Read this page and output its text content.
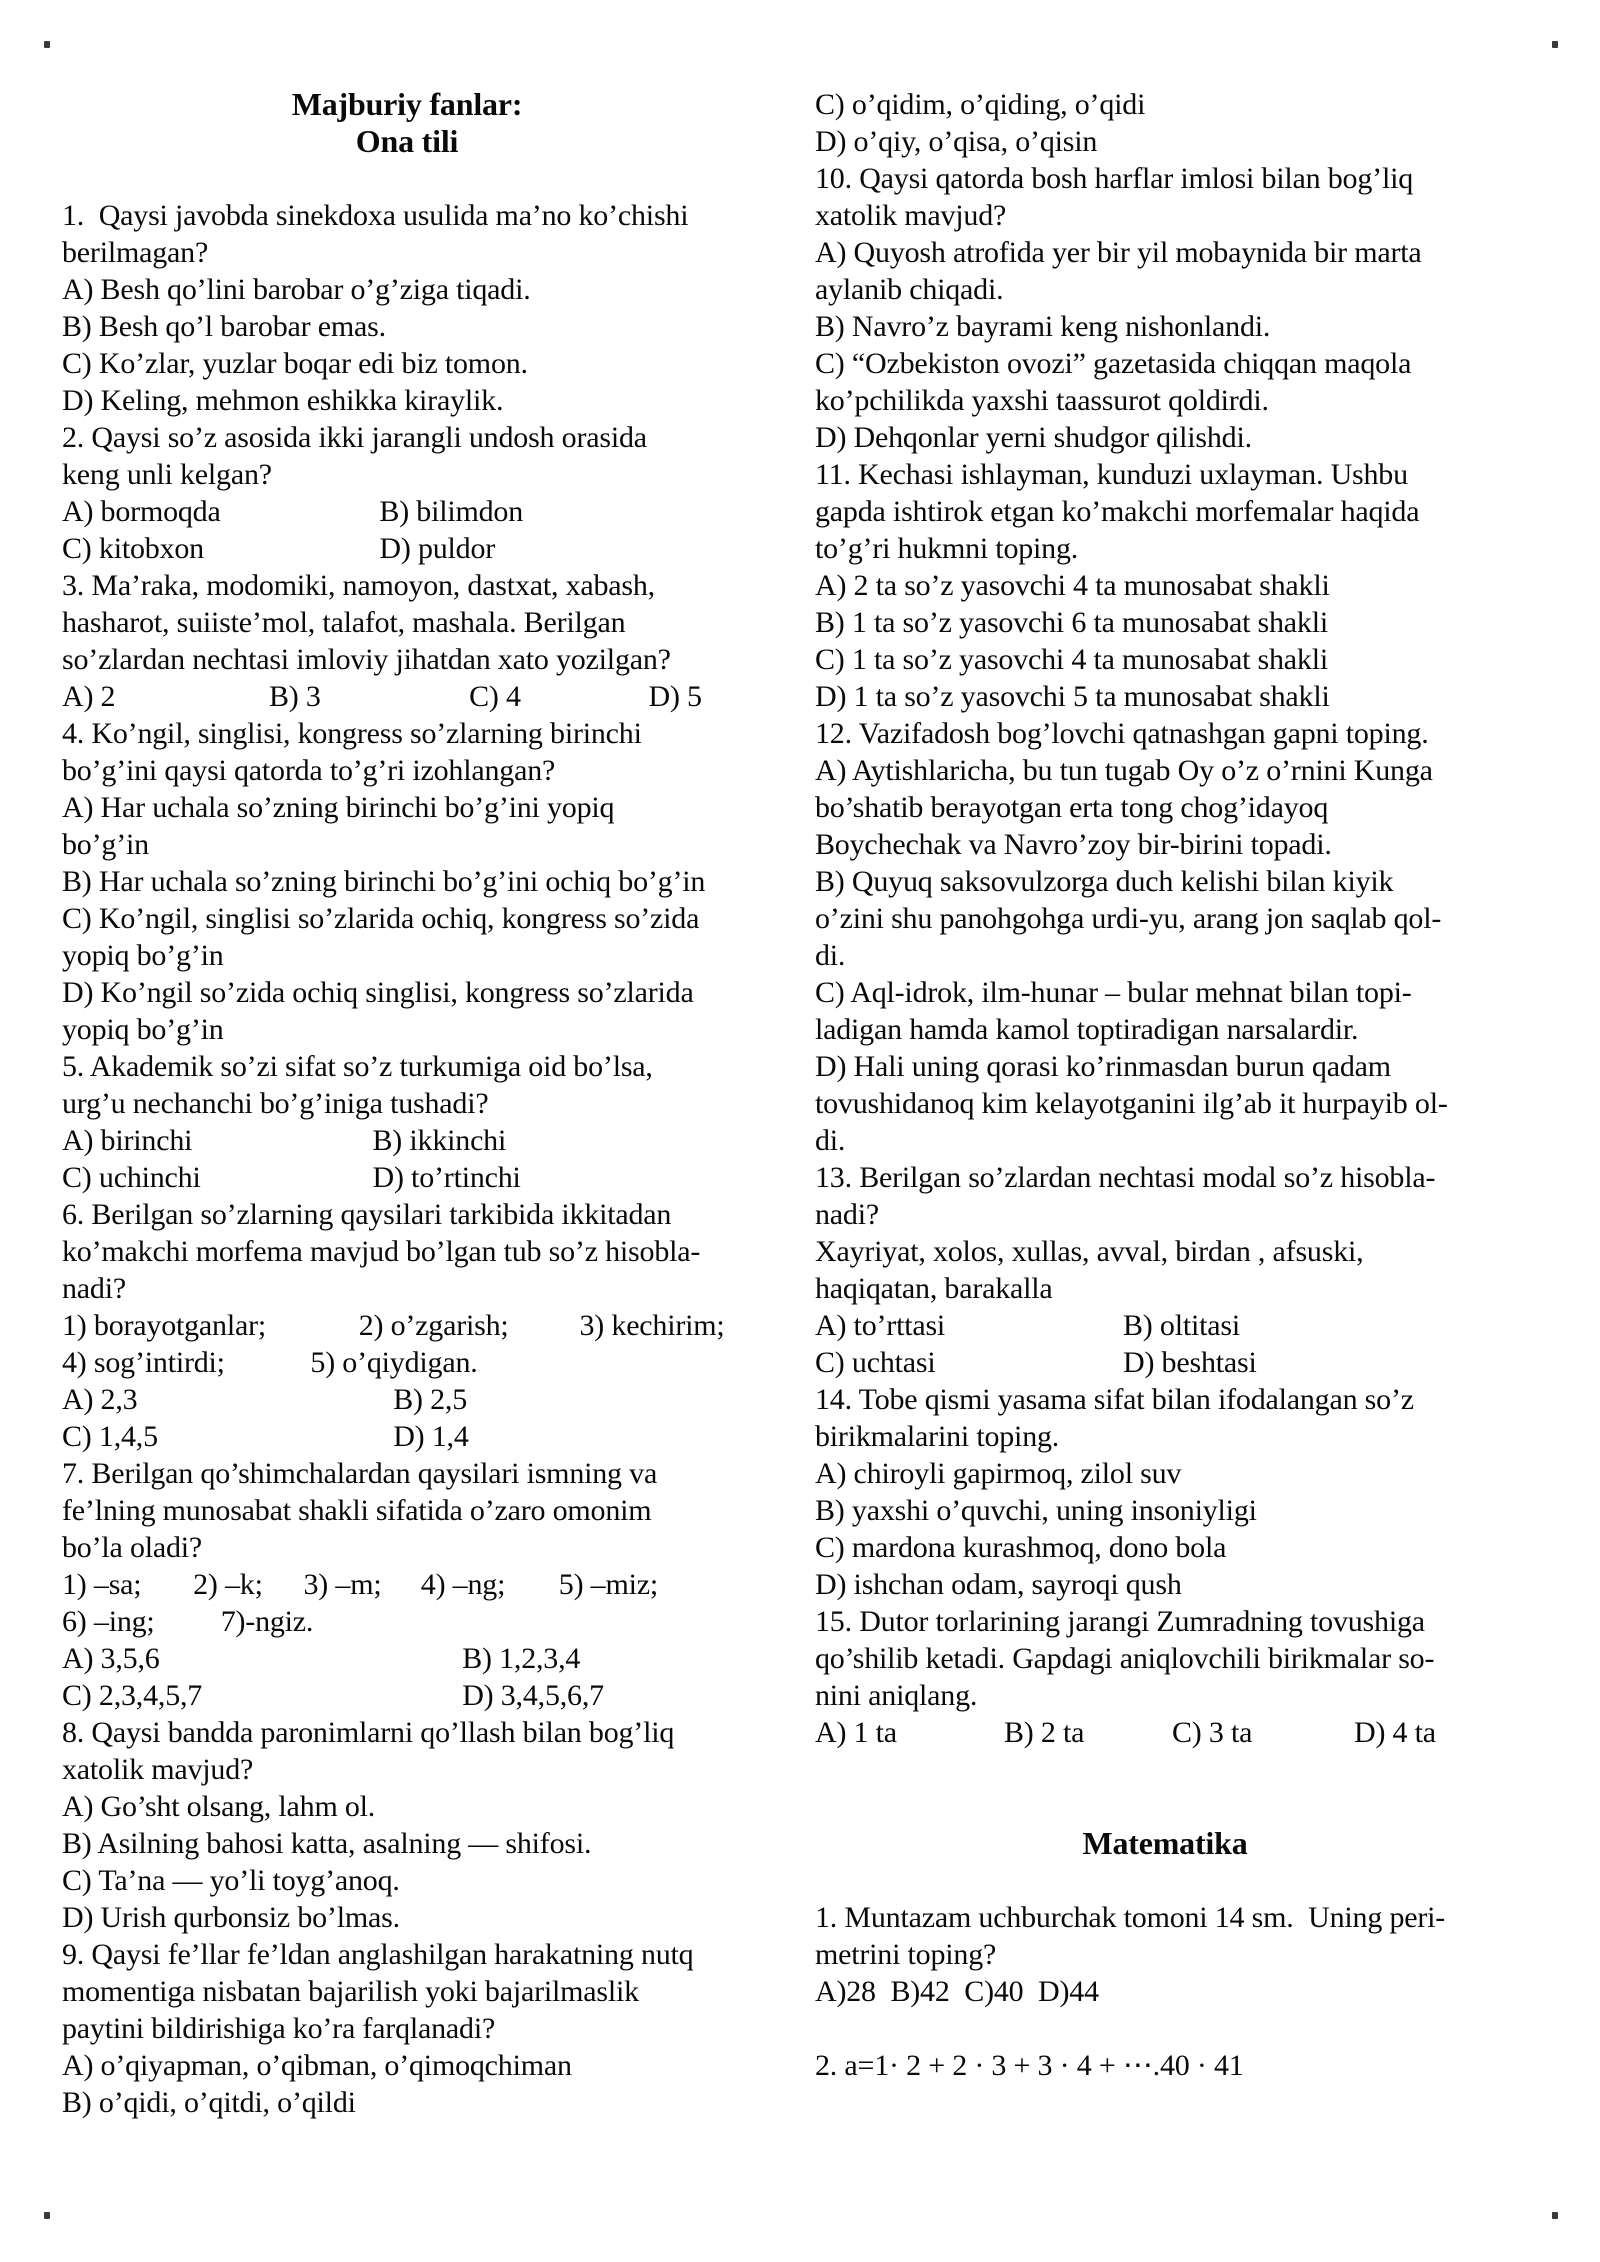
Majburiy fanlar:
Ona tili

1.  Qaysi javobda sinekdoxa usulida ma’no ko’chishi
berilmagan?
A) Besh qo’lini barobar o’g’ziga tiqadi.
B) Besh qo’l barobar emas.
C) Ko’zlar, yuzlar boqar edi biz tomon.
D) Keling, mehmon eshikka kiraylik.
2. Qaysi so’z asosida ikki jarangli undosh orasida
keng unli kelgan?
A) bormoqda	B) bilimdon
C) kitobxon	D) puldor
3. Ma’raka, modomiki, namoyon, dastxat, xabash,
hasharot, suiiste’mol, talafot, mashala. Berilgan
so’zlardan nechtasi imloviy jihatdan xato yozilgan?
A) 2	B) 3	C) 4	D) 5
4. Ko’ngil, singlisi, kongress so’zlarning birinchi
bo’g’ini qaysi qatorda to’g’ri izohlangan?
A) Har uchala so’zning birinchi bo’g’ini yopiq
bo’g’in
B) Har uchala so’zning birinchi bo’g’ini ochiq bo’g’in
C) Ko’ngil, singlisi so’zlarida ochiq, kongress so’zida
yopiq bo’g’in
D) Ko’ngil so’zida ochiq singlisi, kongress so’zlarida
yopiq bo’g’in
5. Akademik so’zi sifat so’z turkumiga oid bo’lsa,
urg’u nechanchi bo’g’iniga tushadi?
A) birinchi	B) ikkinchi
C) uchinchi	D) to’rtinchi
6. Berilgan so’zlarning qaysilari tarkibida ikkitadan
ko’makchi morfema mavjud bo’lgan tub so’z hisobla-
nadi?
1) borayotganlar;	2) o’zgarish; 3) kechirim;
4) sog’intirdi;	5) o’qiydigan.
A) 2,3	B) 2,5
C) 1,4,5	D) 1,4
7. Berilgan qo’shimchalardan qaysilari ismning va
fe’lning munosabat shakli sifatida o’zaro omonim
bo’la oladi?
1) –sa; 2) –k; 3) –m; 4) –ng; 5) –miz;
6) –ing; 7)-ngiz.
A) 3,5,6	B) 1,2,3,4
C) 2,3,4,5,7	D) 3,4,5,6,7
8. Qaysi bandda paronimlarni qo’llash bilan bog’liq
xatolik mavjud?
A) Go’sht olsang, lahm ol.
B) Asilning bahosi katta, asalning — shifosi.
C) Ta’na — yo’li toyg’anoq.
D) Urish qurbonsiz bo’lmas.
9. Qaysi fe’llar fe’ldan anglashilgan harakatning nutq
momentiga nisbatan bajarilish yoki bajarilmaslik
paytini bildirishiga ko’ra farqlanadi?
A) o’qiyapman, o’qibman, o’qimoqchiman
B) o’qidi, o’qitdi, o’qildi
C) o’qidim, o’qiding, o’qidi
D) o’qiy, o’qisa, o’qisin
10. Qaysi qatorda bosh harflar imlosi bilan bog’liq
xatolik mavjud?
A) Quyosh atrofida yer bir yil mobaynida bir marta
aylanib chiqadi.
B) Navro’z bayrami keng nishonlandi.
C) “Ozbekiston ovozi” gazetasida chiqqan maqola
ko’pchilikda yaxshi taassurot qoldirdi.
D) Dehqonlar yerni shudgor qilishdi.
11. Kechasi ishlayman, kunduzi uxlayman. Ushbu
gapda ishtirok etgan ko’makchi morfemalar haqida
to’g’ri hukmni toping.
A) 2 ta so’z yasovchi 4 ta munosabat shakli
B) 1 ta so’z yasovchi 6 ta munosabat shakli
C) 1 ta so’z yasovchi 4 ta munosabat shakli
D) 1 ta so’z yasovchi 5 ta munosabat shakli
12. Vazifadosh bog’lovchi qatnashgan gapni toping.
A) Aytishlaricha, bu tun tugab Oy o’z o’rnini Kunga
bo’shatib berayotgan erta tong chog’idayoq
Boychechak va Navro’zoy bir-birini topadi.
B) Quyuq saksovulzorga duch kelishi bilan kiyik
o’zini shu panohgohga urdi-yu, arang jon saqlab qol-
di.
C) Aql-idrok, ilm-hunar – bular mehnat bilan topi-
ladigan hamda kamol toptiradigan narsalardir.
D) Hali uning qorasi ko’rinmasdan burun qadam
tovushidanoq kim kelayotganini ilg’ab it hurpayib ol-
di.
13. Berilgan so’zlardan nechtasi modal so’z hisobla-
nadi?
Xayriyat, xolos, xullas, avval, birdan , afsuski,
haqiqatan, barakalla
A) to’rttasi	B) oltitasi
C) uchtasi	D) beshtasi
14. Tobe qismi yasama sifat bilan ifodalangan so’z
birikmalarini toping.
A) chiroyli gapirmoq, zilol suv
B) yaxshi o’quvchi, uning insoniyligi
C) mardona kurashmoq, dono bola
D) ishchan odam, sayroqi qush
15. Dutor torlarining jarangi Zumradning tovushiga
qo’shilib ketadi. Gapdagi aniqlovchili birikmalar so-
nini aniqlang.
A) 1 ta	B) 2 ta	C) 3 ta	D) 4 ta

Matematika

1. Muntazam uchburchak tomoni 14 sm.  Uning peri-
metrini toping?
A)28  B)42  C)40  D)44

2. a=1· 2 + 2 · 3 + 3 · 4 + ⋯.40 · 41
